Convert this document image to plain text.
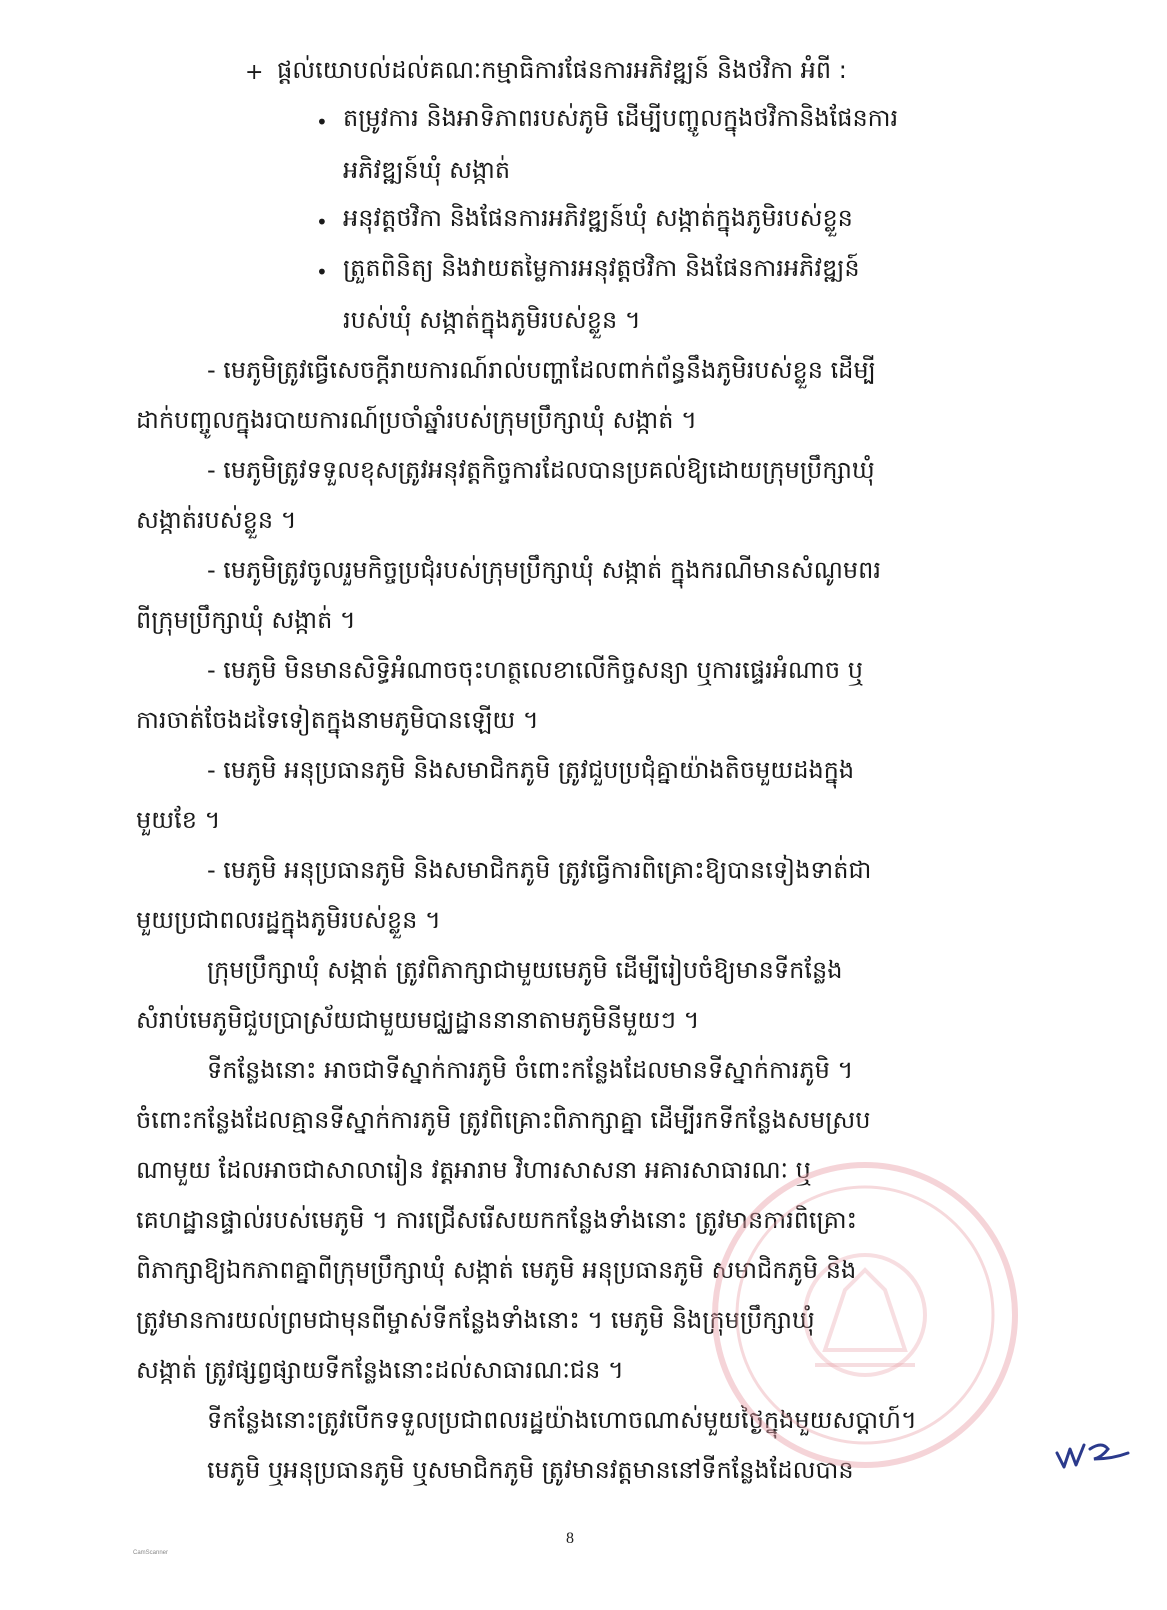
+ ផ្តល់យោបល់ដល់គណៈកម្មាធិការផែនការអភិវឌ្ឍន៍ និងថវិកា អំពី :
• តម្រូវការ និងអាទិភាពរបស់ភូមិ ដើម្បីបញ្ចូលក្នុងថវិកានិងផែនការ
អភិវឌ្ឍន៍ឃុំ សង្កាត់
• អនុវត្តថវិកា និងផែនការអភិវឌ្ឍន៍ឃុំ សង្កាត់ក្នុងភូមិរបស់ខ្លួន
• ត្រួតពិនិត្យ និងវាយតម្លៃការអនុវត្តថវិកា និងផែនការអភិវឌ្ឍន៍
របស់ឃុំ សង្កាត់ក្នុងភូមិរបស់ខ្លួន ។
- មេភូមិត្រូវធ្វើសេចក្តីរាយការណ៍រាល់បញ្ហាដែលពាក់ព័ន្ធនឹងភូមិរបស់ខ្លួន ដើម្បី
ដាក់បញ្ចូលក្នុងរបាយការណ៍ប្រចាំឆ្នាំរបស់ក្រុមប្រឹក្សាឃុំ សង្កាត់ ។
- មេភូមិត្រូវទទួលខុសត្រូវអនុវត្តកិច្ចការដែលបានប្រគល់ឱ្យដោយក្រុមប្រឹក្សាឃុំ
សង្កាត់របស់ខ្លួន ។
- មេភូមិត្រូវចូលរួមកិច្ចប្រជុំរបស់ក្រុមប្រឹក្សាឃុំ សង្កាត់ ក្នុងករណីមានសំណូមពរ
ពីក្រុមប្រឹក្សាឃុំ សង្កាត់ ។
- មេភូមិ មិនមានសិទ្ធិអំណាចចុះហត្ថលេខាលើកិច្ចសន្យា ឬការផ្ទេរអំណាច ឬ
ការចាត់ចែងដទៃទៀតក្នុងនាមភូមិបានឡើយ ។
- មេភូមិ អនុប្រធានភូមិ និងសមាជិកភូមិ ត្រូវជួបប្រជុំគ្នាយ៉ាងតិចមួយដងក្នុង
មួយខែ ។
- មេភូមិ អនុប្រធានភូមិ និងសមាជិកភូមិ ត្រូវធ្វើការពិគ្រោះឱ្យបានទៀងទាត់ជា
មួយប្រជាពលរដ្ឋក្នុងភូមិរបស់ខ្លួន ។
ក្រុមប្រឹក្សាឃុំ សង្កាត់ ត្រូវពិភាក្សាជាមួយមេភូមិ ដើម្បីរៀបចំឱ្យមានទីកន្លែង
សំរាប់មេភូមិជួបប្រាស្រ័យជាមួយមជ្ឈដ្ឋាននានាតាមភូមិនីមួយៗ ។
ទីកន្លែងនោះ អាចជាទីស្នាក់ការភូមិ ចំពោះកន្លែងដែលមានទីស្នាក់ការភូមិ ។
ចំពោះកន្លែងដែលគ្មានទីស្នាក់ការភូមិ ត្រូវពិគ្រោះពិភាក្សាគ្នា ដើម្បីរកទីកន្លែងសមស្រប
ណាមួយ ដែលអាចជាសាលារៀន វត្តអារាម វិហារសាសនា អគារសាធារណៈ ឬ
គេហដ្ឋានផ្ទាល់របស់មេភូមិ ។ ការជ្រើសរើសយកកន្លែងទាំងនោះ ត្រូវមានការពិគ្រោះ
ពិភាក្សាឱ្យឯកភាពគ្នាពីក្រុមប្រឹក្សាឃុំ សង្កាត់ មេភូមិ អនុប្រធានភូមិ សមាជិកភូមិ និង
ត្រូវមានការយល់ព្រមជាមុនពីម្ចាស់ទីកន្លែងទាំងនោះ ។ មេភូមិ និងក្រុមប្រឹក្សាឃុំ
សង្កាត់ ត្រូវផ្សព្វផ្សាយទីកន្លែងនោះដល់សាធារណៈជន ។
ទីកន្លែងនោះត្រូវបើកទទួលប្រជាពលរដ្ឋយ៉ាងហោចណាស់មួយថ្ងៃក្នុងមួយសប្តាហ៍។
មេភូមិ ឬអនុប្រធានភូមិ ឬសមាជិកភូមិ ត្រូវមានវត្តមាននៅទីកន្លែងដែលបាន
8
CamScanner
